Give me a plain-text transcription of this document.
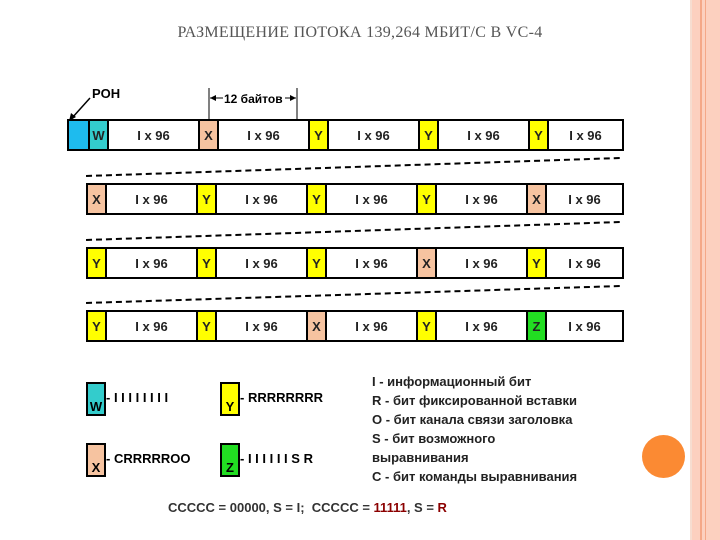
РАЗМЕЩЕНИЕ ПОТОКА 139,264 МБИТ/С В VC-4
POH	12 байтов
W	I x 96	X	I x 96	Y	I x 96	Y	I x 96	Y	I x 96
X	I x 96	Y	I x 96	Y	I x 96	Y	I x 96	X	I x 96
Y	I x 96	Y	I x 96	Y	I x 96	X	I x 96	Y	I x 96
Y	I x 96	Y	I x 96	X	I x 96	Y	I x 96	Z	I x 96
W
- I I I I I I I I
Y
- RRRRRRRR
X
- CRRRRROO
Z
- I I I I I I S R
I - информационный бит
R - бит фиксированной вставки
O - бит канала связи заголовка
S - бит возможного
выравнивания
C - бит команды выравнивания
CCCCC = 00000, S = I;  CCCCC = 11111, S = R
